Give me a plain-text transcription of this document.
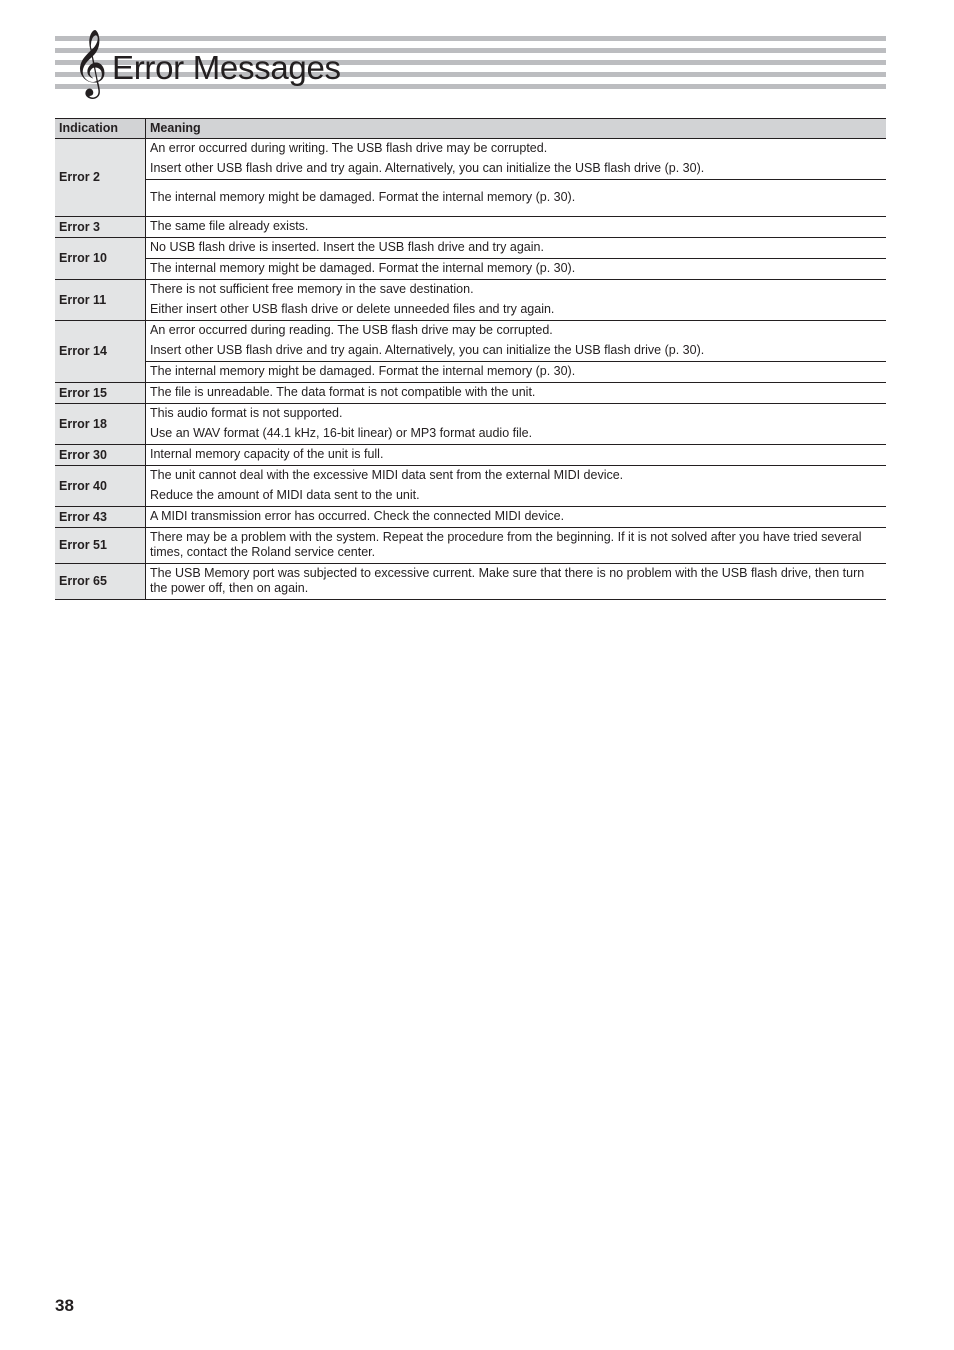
𝄞 Error Messages
Indication	Meaning
Error 2	An error occurred during writing. The USB flash drive may be corrupted.
Insert other USB flash drive and try again. Alternatively, you can initialize the USB flash drive (p. 30).

	The internal memory might be damaged. Format the internal memory (p. 30).

Error 3	The same file already exists.

Error 10	No USB flash drive is inserted. Insert the USB flash drive and try again.

	The internal memory might be damaged. Format the internal memory (p. 30).

Error 11	There is not sufficient free memory in the save destination.
Either insert other USB flash drive or delete unneeded files and try again.

Error 14	An error occurred during reading. The USB flash drive may be corrupted.
Insert other USB flash drive and try again. Alternatively, you can initialize the USB flash drive (p. 30).

	The internal memory might be damaged. Format the internal memory (p. 30).

Error 15	The file is unreadable. The data format is not compatible with the unit.

Error 18	This audio format is not supported.
Use an WAV format (44.1 kHz, 16-bit linear) or MP3 format audio file.

Error 30	Internal memory capacity of the unit is full.

Error 40	The unit cannot deal with the excessive MIDI data sent from the external MIDI device.
Reduce the amount of MIDI data sent to the unit.

Error 43	A MIDI transmission error has occurred. Check the connected MIDI device.

Error 51	There may be a problem with the system. Repeat the procedure from the beginning. If it is not solved after you have tried several times, contact the Roland service center.

Error 65	The USB Memory port was subjected to excessive current. Make sure that there is no problem with the USB flash drive, then turn the power off, then on again.
38
